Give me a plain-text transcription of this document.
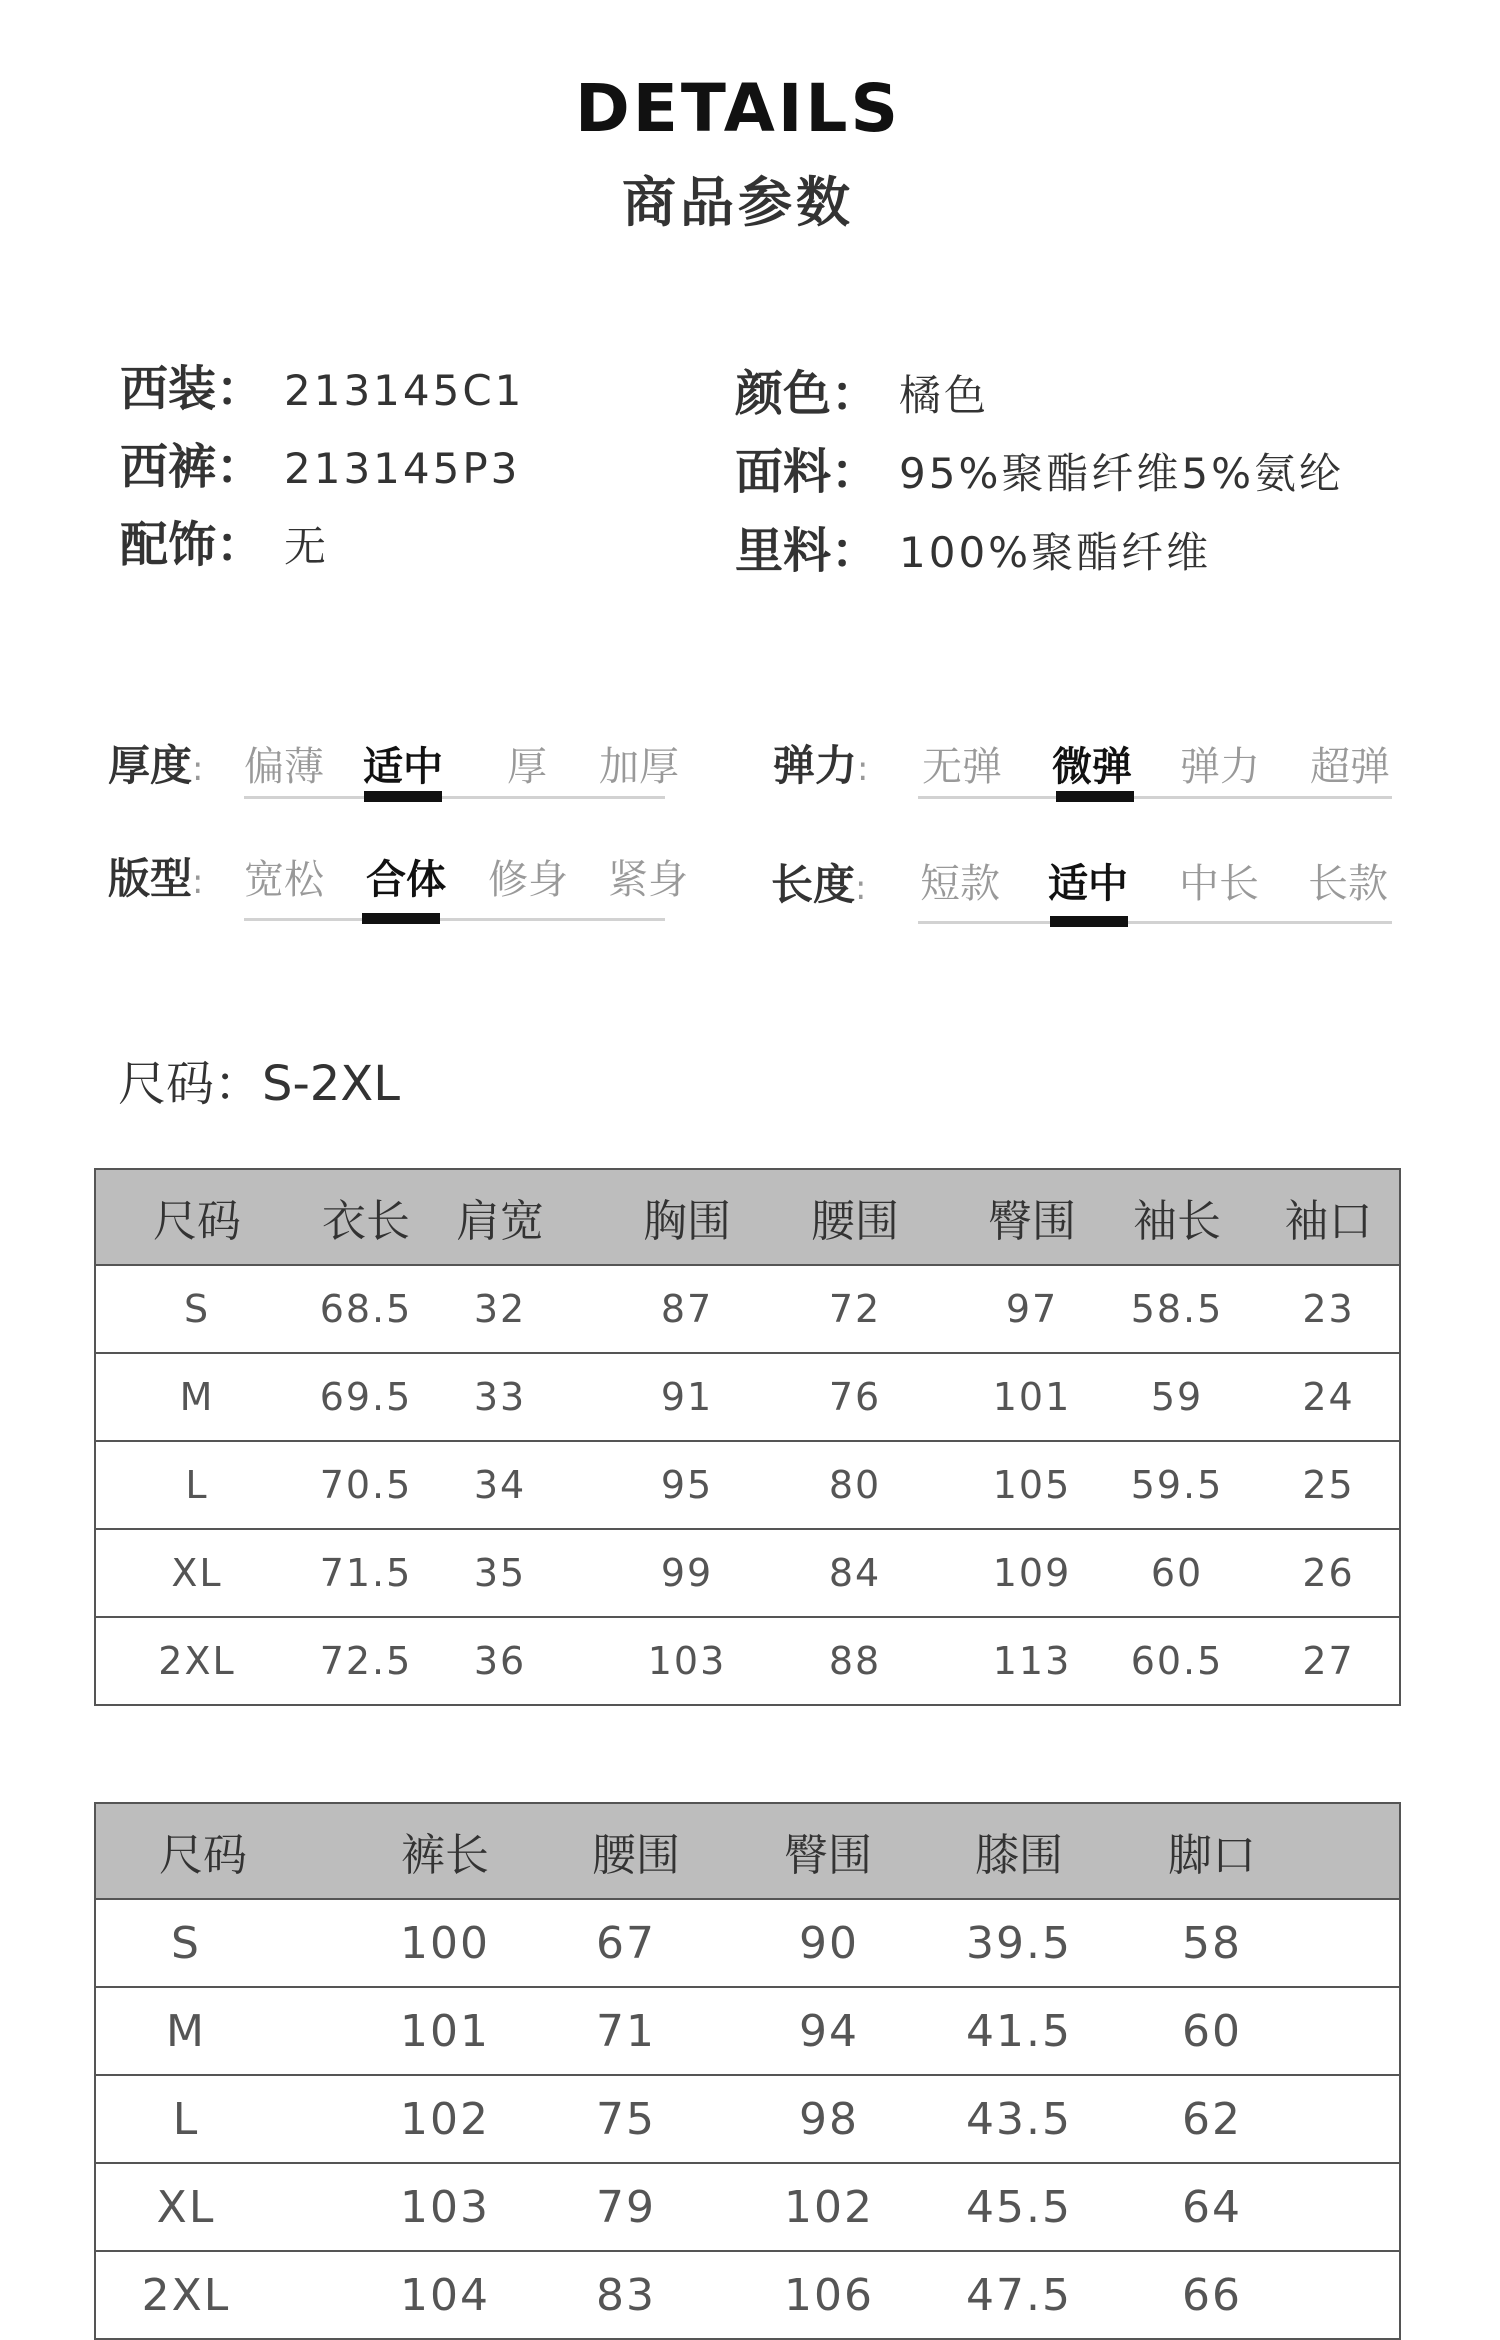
DETAILS
商品参数
西装： 213145C1
西裤： 213145P3
配饰： 无
颜色： 橘色
面料： 95%聚酯纤维5%氨纶
里料： 100%聚酯纤维
厚度:	偏薄 适中	厚	加厚	弹力:	无弹	微弹	弹力	超弹
版型:	宽松	合体	修身	紧身	长度:	短款	适中	中长	长款
尺码：S-2XL
尺码	衣长	肩宽	胸围	腰围	臀围	袖长	袖口
S	68.5	32	87	72	97	58.5	23
M	69.5	33	91	76	101	59	24
L	70.5	34	95	80	105	59.5	25
XL	71.5	35	99	84	109	60	26
2XL	72.5	36	103	88	113	60.5	27
尺码	裤长	腰围	臀围	膝围	脚口
S	100	67	90	39.5	58
M	101	71	94	41.5	60
L	102	75	98	43.5	62
XL	103	79	102	45.5	64
2XL	104	83	106	47.5	66
